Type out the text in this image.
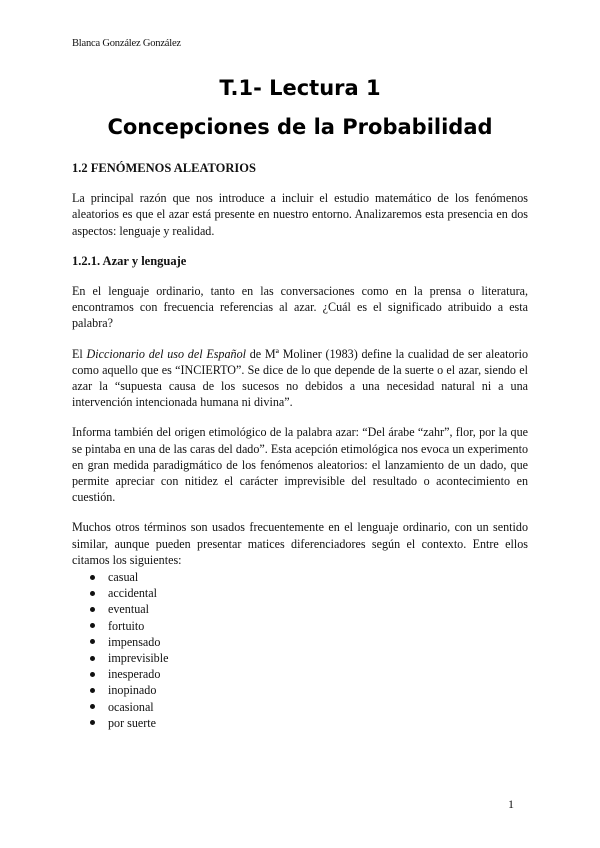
Blanca González González
T.1- Lectura 1
Concepciones de la Probabilidad
1.2 FENÓMENOS ALEATORIOS

La principal razón que nos introduce a incluir el estudio matemático de los fenómenos aleatorios es que el azar está presente en nuestro entorno. Analizaremos esta presencia en dos aspectos: lenguaje y realidad.

1.2.1. Azar y lenguaje

En el lenguaje ordinario, tanto en las conversaciones como en la prensa o literatura, encontramos con frecuencia referencias al azar. ¿Cuál es el significado atribuido a esta palabra?

El Diccionario del uso del Español de Mª Moliner (1983) define la cualidad de ser aleatorio como aquello que es “INCIERTO”. Se dice de lo que depende de la suerte o el azar, siendo el azar la “supuesta causa de los sucesos no debidos a una necesidad natural ni a una intervención intencionada humana ni divina”.

Informa también del origen etimológico de la palabra azar: “Del árabe “zahr”, flor, por la que se pintaba en una de las caras del dado”. Esta acepción etimológica nos evoca un experimento en gran medida paradigmático de los fenómenos aleatorios: el lanzamiento de un dado, que permite apreciar con nitidez el carácter imprevisible del resultado o acontecimiento en cuestión.

Muchos otros términos son usados frecuentemente en el lenguaje ordinario, con un sentido similar, aunque pueden presentar matices diferenciadores según el contexto. Entre ellos citamos los siguientes:

casual
accidental
eventual
fortuito
impensado
imprevisible
inesperado
inopinado
ocasional
por suerte
1
